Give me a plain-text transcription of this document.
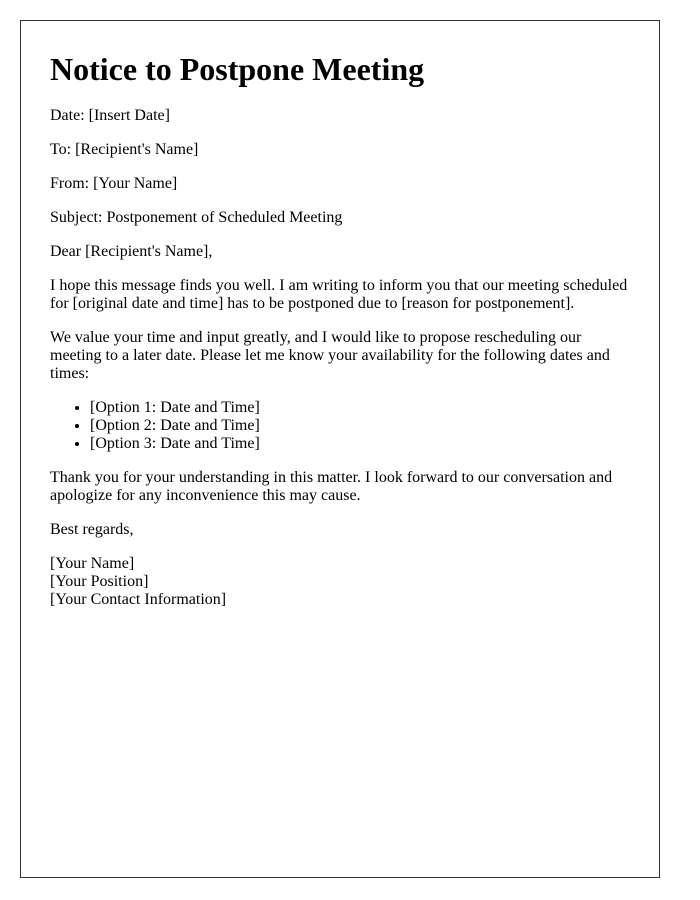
Notice to Postpone Meeting

Date: [Insert Date]

To: [Recipient's Name]

From: [Your Name]

Subject: Postponement of Scheduled Meeting

Dear [Recipient's Name],

I hope this message finds you well. I am writing to inform you that our meeting scheduled for [original date and time] has to be postponed due to [reason for postponement].

We value your time and input greatly, and I would like to propose rescheduling our meeting to a later date. Please let me know your availability for the following dates and times:

• [Option 1: Date and Time]
• [Option 2: Date and Time]
• [Option 3: Date and Time]

Thank you for your understanding in this matter. I look forward to our conversation and apologize for any inconvenience this may cause.

Best regards,

[Your Name]
[Your Position]
[Your Contact Information]
